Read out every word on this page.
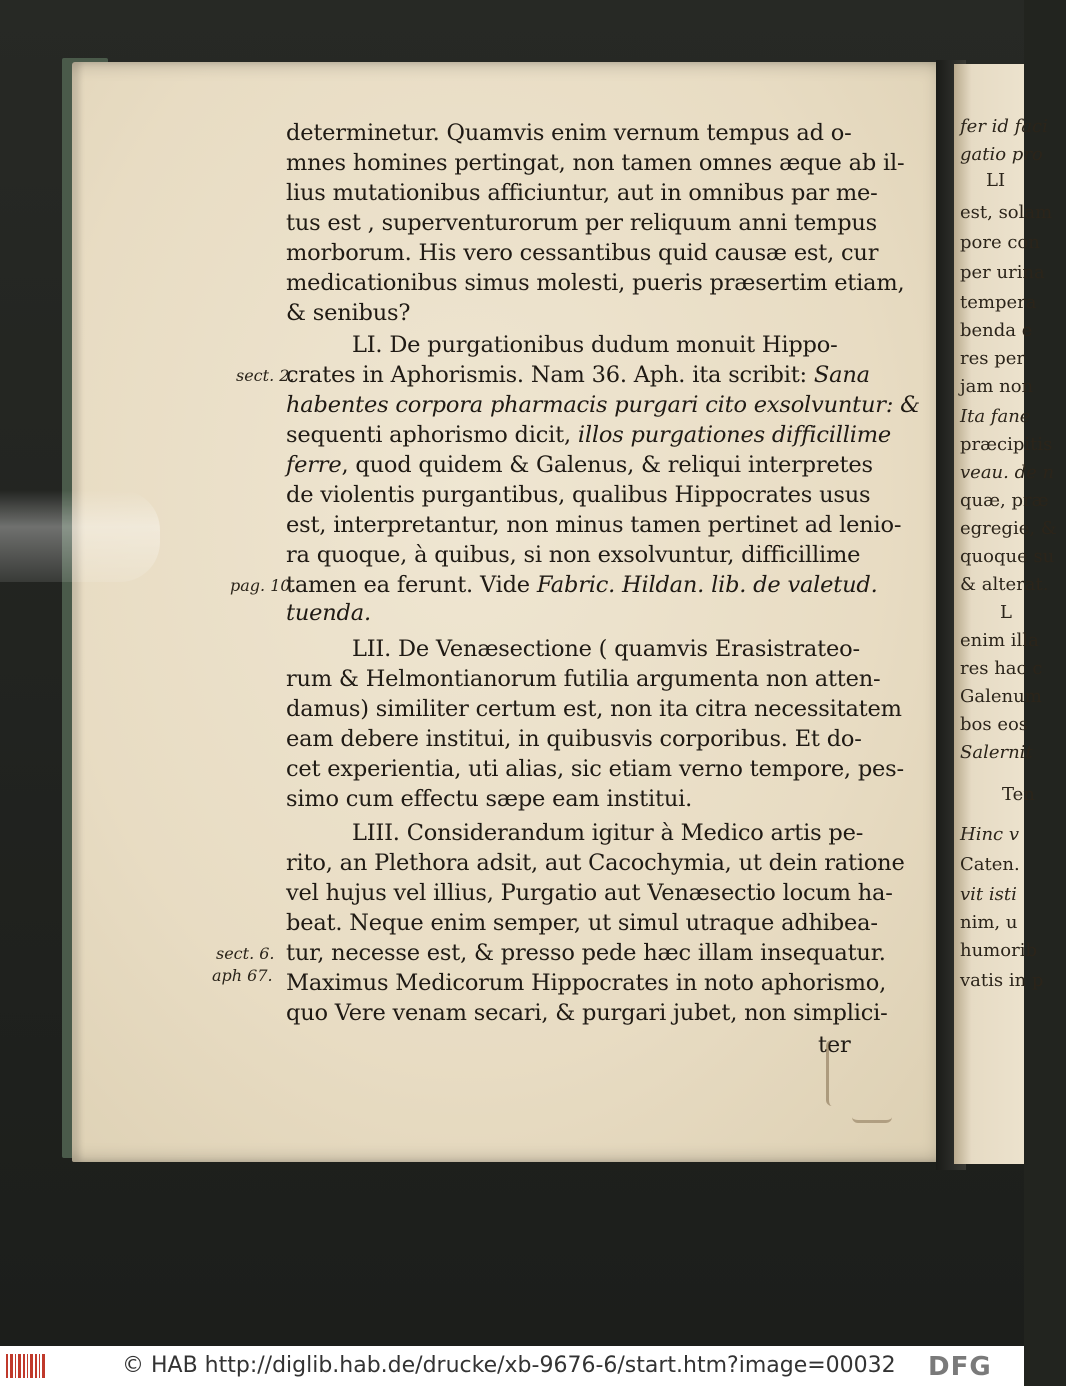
fer id faci
gatio pro
LI
est, solam
pore con
per urina
tempera
benda e
res per
jam non
Ita fane
præcipitis
veau. de n
quæ, præ
egregie, &
quoque su
& alterat.
L
enim illa
res hac c
Galenum
bos eos
Salernit
Ten
Hinc v
Caten.
vit isti
nim, u
humorib
vatis in p
determinetur. Quamvis enim vernum tempus ad o-
mnes homines pertingat, non tamen omnes æque ab il-
lius mutationibus afficiuntur, aut in omnibus par me-
tus est , superventurorum per reliquum anni tempus
morborum. His vero cessantibus quid causæ est, cur
medicationibus simus molesti, pueris præsertim etiam,
& senibus?
LI. De purgationibus dudum monuit Hippo-
crates in Aphorismis. Nam 36. Aph. ita scribit: Sana
habentes corpora pharmacis purgari cito exsolvuntur: &
sequenti aphorismo dicit, illos purgationes difficillime
ferre, quod quidem & Galenus, & reliqui interpretes
de violentis purgantibus, qualibus Hippocrates usus
est, interpretantur, non minus tamen pertinet ad lenio-
ra quoque, à quibus, si non exsolvuntur, difficillime
tamen ea ferunt. Vide Fabric. Hildan. lib. de valetud.
tuenda.
LII. De Venæsectione ( quamvis Erasistrateo-
rum & Helmontianorum futilia argumenta non atten-
damus) similiter certum est, non ita citra necessitatem
eam debere institui, in quibusvis corporibus. Et do-
cet experientia, uti alias, sic etiam verno tempore, pes-
simo cum effectu sæpe eam institui.
LIII. Considerandum igitur à Medico artis pe-
rito, an Plethora adsit, aut Cacochymia, ut dein ratione
vel hujus vel illius, Purgatio aut Venæsectio locum ha-
beat. Neque enim semper, ut simul utraque adhibea-
tur, necesse est, & presso pede hæc illam insequatur.
Maximus Medicorum Hippocrates in noto aphorismo,
quo Vere venam secari, & purgari jubet, non simplici-
ter
sect. 2.
pag. 10.
sect. 6.
aph 67.
© HAB http://diglib.hab.de/drucke/xb-9676-6/start.htm?image=00032 DFG
